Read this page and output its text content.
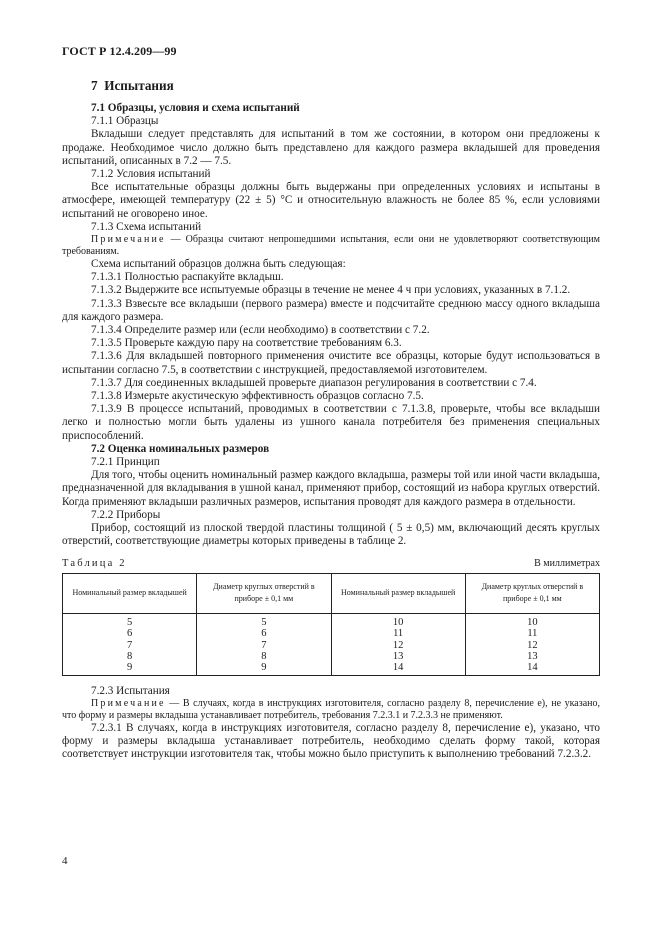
ГОСТ Р 12.4.209—99
7 Испытания

7.1 Образцы, условия и схема испытаний

7.1.1 Образцы

Вкладыши следует представлять для испытаний в том же состоянии, в котором они предложены к продаже. Необходимое число должно быть представлено для каждого размера вкладышей для проведения испытаний, описанных в 7.2 — 7.5.

7.1.2 Условия испытаний

Все испытательные образцы должны быть выдержаны при определенных условиях и испытаны в атмосфере, имеющей температуру (22 ± 5) °С и относительную влажность не более 85 %, если условиями испытаний не оговорено иное.

7.1.3 Схема испытаний

Примечание — Образцы считают непрошедшими испытания, если они не удовлетворяют соответствующим требованиям.

Схема испытаний образцов должна быть следующая:

7.1.3.1 Полностью распакуйте вкладыш.

7.1.3.2 Выдержите все испытуемые образцы в течение не менее 4 ч при условиях, указанных в 7.1.2.

7.1.3.3 Взвесьте все вкладыши (первого размера) вместе и подсчитайте среднюю массу одного вкладыша для каждого размера.

7.1.3.4 Определите размер или (если необходимо) в соответствии с 7.2.

7.1.3.5 Проверьте каждую пару на соответствие требованиям 6.3.

7.1.3.6 Для вкладышей повторного применения очистите все образцы, которые будут использоваться в испытании согласно 7.5, в соответствии с инструкцией, предоставляемой изготовителем.

7.1.3.7 Для соединенных вкладышей проверьте диапазон регулирования в соответствии с 7.4.

7.1.3.8 Измерьте акустическую эффективность образцов согласно 7.5.

7.1.3.9 В процессе испытаний, проводимых в соответствии с 7.1.3.8, проверьте, чтобы все вкладыши легко и полностью могли быть удалены из ушного канала потребителя без применения специальных приспособлений.

7.2 Оценка номинальных размеров

7.2.1 Принцип

Для того, чтобы оценить номинальный размер каждого вкладыша, размеры той или иной части вкладыша, предназначенной для вкладывания в ушной канал, применяют прибор, состоящий из набора круглых отверстий. Когда применяют вкладыши различных размеров, испытания проводят для каждого размера в отдельности.

7.2.2 Приборы

Прибор, состоящий из плоской твердой пластины толщиной ( 5 ± 0,5) мм, включающий десять круглых отверстий, соответствующие диаметры которых приведены в таблице 2.

Таблица 2	В миллиметрах
Номинальный размер вкладышей	Диаметр круглых отверстий в приборе ± 0,1 мм	Номинальный размер вкладышей	Диаметр круглых отверстий в приборе ± 0,1 мм
5	5	10	10
6	6	11	11
7	7	12	12
8	8	13	13
9	9	14	14

7.2.3 Испытания

Примечание — В случаях, когда в инструкциях изготовителя, согласно разделу 8, перечисление е), не указано, что форму и размеры вкладыша устанавливает потребитель, требования 7.2.3.1 и 7.2.3.3 не применяют.

7.2.3.1 В случаях, когда в инструкциях изготовителя, согласно разделу 8, перечисление е), указано, что форму и размеры вкладыша устанавливает потребитель, необходимо сделать форму такой, которая соответствует инструкции изготовителя так, чтобы можно было приступить к выполнению требований 7.2.3.2.

4
